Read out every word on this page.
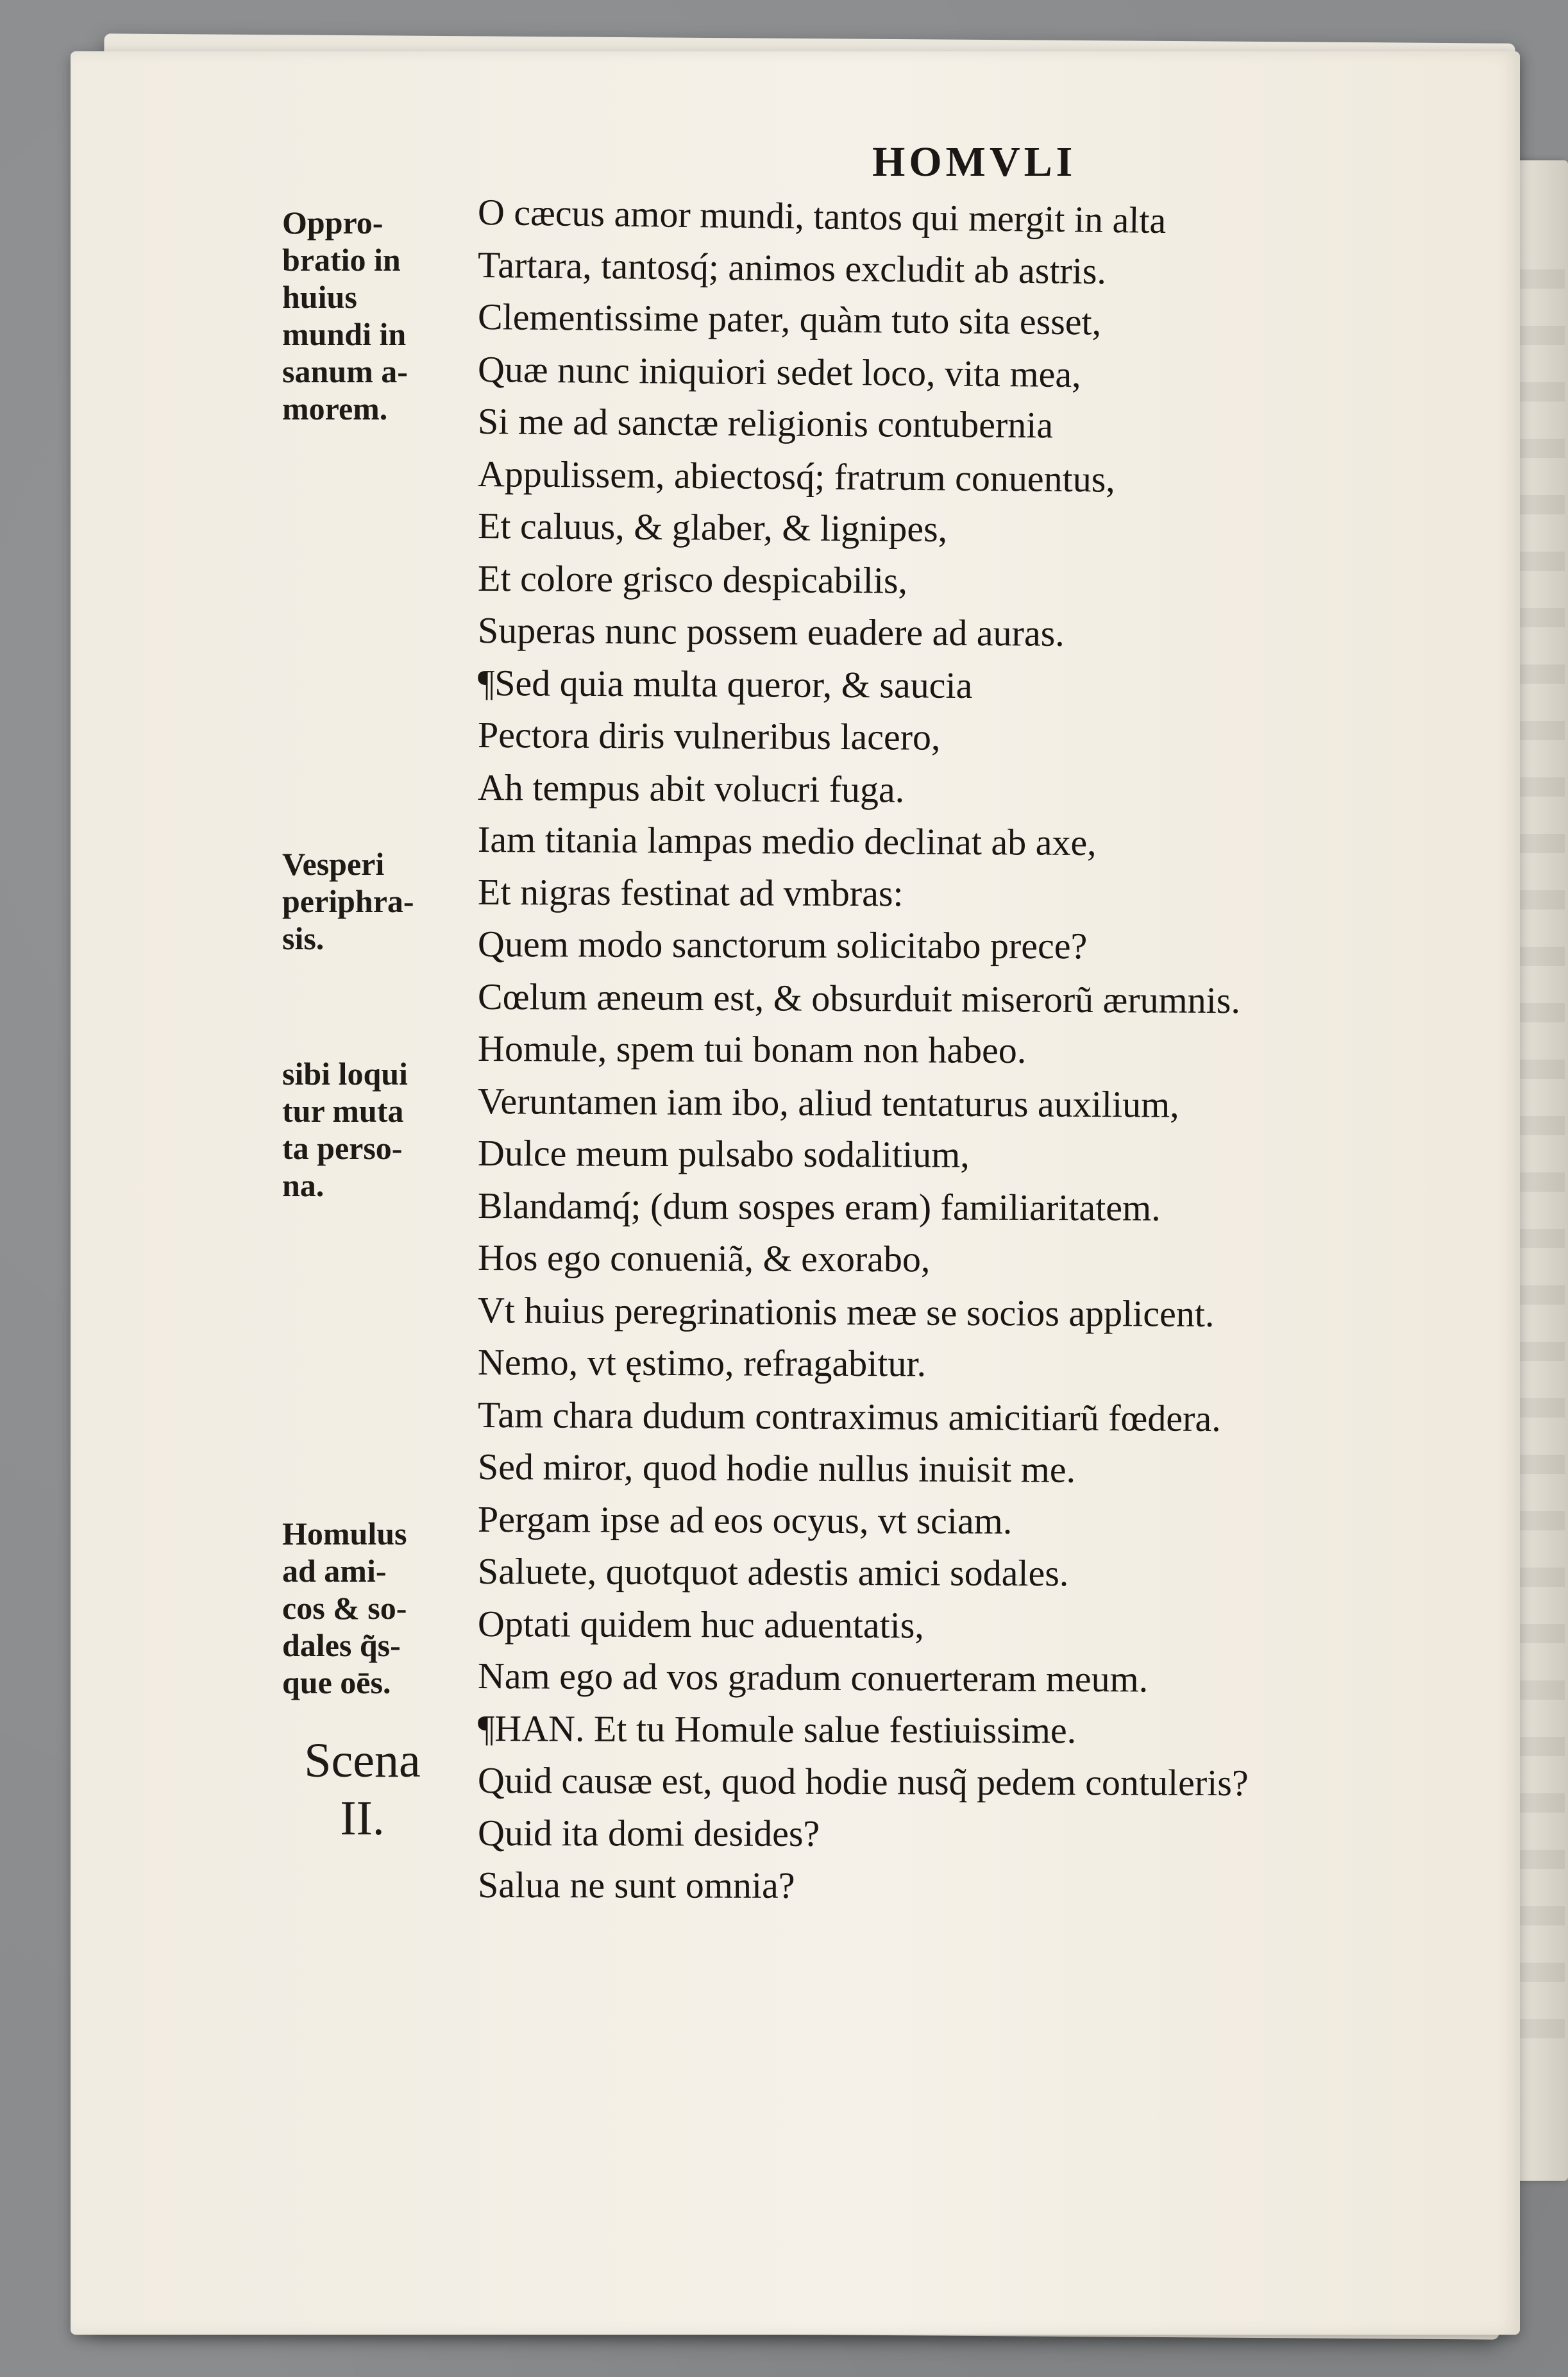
HOMVLI
Oppro-
bratio in
huius
mundi in
sanum a-
morem.
Vesperi
periphra-
sis.
sibi loqui
tur muta
ta perso-
na.
Homulus
ad ami-
cos & so-
dales q̃s-
que oēs.
Scena
II.
O cæcus amor mundi, tantos qui mergit in alta
Tartara, tantosq́; animos excludit ab astris.
Clementissime pater, quàm tuto sita esset,
Quæ nunc iniquiori sedet loco, vita mea,
Si me ad sanctæ religionis contubernia
Appulissem, abiectosq́; fratrum conuentus,
Et caluus, & glaber, & lignipes,
Et colore grisco despicabilis,
Superas nunc possem euadere ad auras.
¶Sed quia multa queror, & saucia
Pectora diris vulneribus lacero,
Ah tempus abit volucri fuga.
Iam titania lampas medio declinat ab axe,
Et nigras festinat ad vmbras:
Quem modo sanctorum solicitabo prece?
Cœlum æneum est, & obsurduit miserorũ ærumnis.
Homule, spem tui bonam non habeo.
Veruntamen iam ibo, aliud tentaturus auxilium,
Dulce meum pulsabo sodalitium,
Blandamq́; (dum sospes eram) familiaritatem.
Hos ego conueniã, & exorabo,
Vt huius peregrinationis meæ se socios applicent.
Nemo, vt ęstimo, refragabitur.
Tam chara dudum contraximus amicitiarũ fœdera.
Sed miror, quod hodie nullus inuisit me.
Pergam ipse ad eos ocyus, vt sciam.
Saluete, quotquot adestis amici sodales.
Optati quidem huc aduentatis,
Nam ego ad vos gradum conuerteram meum.
¶HAN. Et tu Homule salue festiuissime.
Quid causæ est, quod hodie nusq̃ pedem contuleris?
Quid ita domi desides?
Salua ne sunt omnia?
